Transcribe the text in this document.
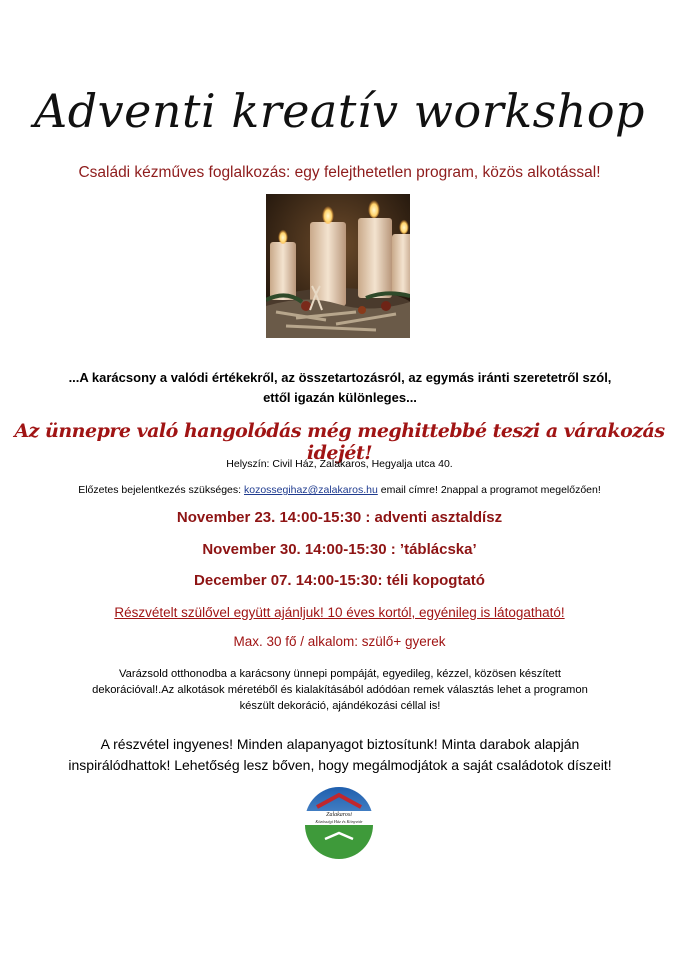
Adventi kreatív workshop
Családi kézműves foglalkozás: egy felejthetetlen program, közös alkotással!
...A karácsony a valódi értékekről, az összetartozásról, az egymás iránti szeretetről szól,
ettől igazán különleges...
Az ünnepre való hangolódás még meghittebbé teszi a várakozás idejét!
Helyszín: Civil Ház, Zalakaros, Hegyalja utca 40.
Előzetes bejelentkezés szükséges: kozossegihaz@zalakaros.hu email címre! 2nappal a programot megelőzően!
November 23. 14:00-15:30 : adventi asztaldísz
November 30. 14:00-15:30 : ’táblácska’
December 07. 14:00-15:30: téli kopogtató
Részvételt szülővel együtt ajánljuk! 10 éves kortól, egyénileg is látogatható!
Max. 30 fő / alkalom: szülő+ gyerek
Varázsold otthonodba a karácsony ünnepi pompáját, egyedileg, kézzel, közösen készített
dekorációval!.Az alkotások méretéből és kialakításából adódóan remek választás lehet a programon
készült dekoráció, ajándékozási céllal is!
A részvétel ingyenes! Minden alapanyagot biztosítunk! Minta darabok alapján
inspirálódhattok! Lehetőség lesz bőven, hogy megálmodjátok a saját családotok díszeit!
Zalakarosi
Közösségi Ház és Könyvtár
